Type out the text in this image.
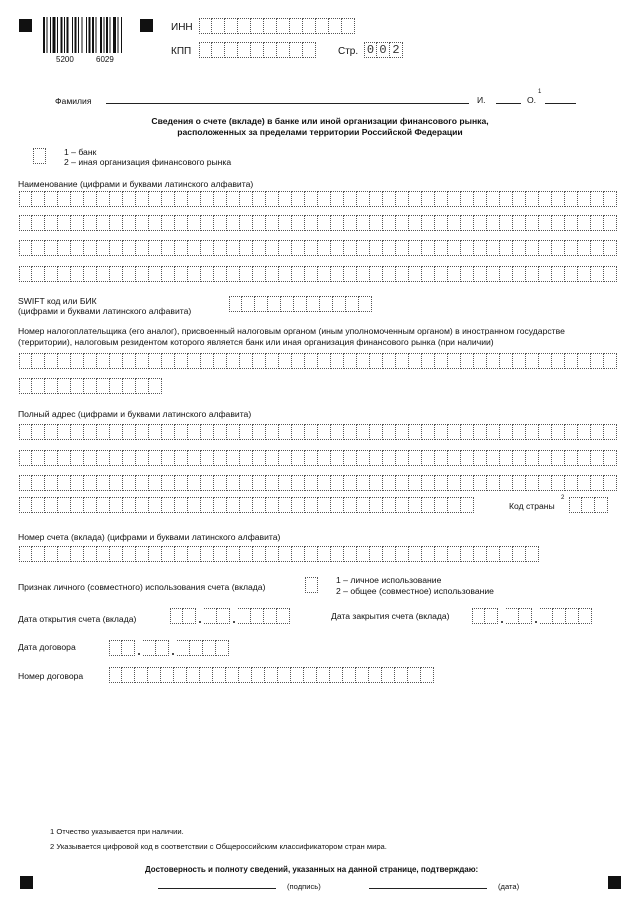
5200	6029
ИНН
КПП	Стр. 0 0 2
Фамилия	И.	О.
1
Сведения о счете (вкладе) в банке или иной организации финансового рынка,
расположенных за пределами территории Российской Федерации
1 – банк
2 – иная организация финансового рынка
Наименование (цифрами и буквами латинского алфавита)
SWIFT код или БИК
(цифрами и буквами латинского алфавита)
Номер налогоплательщика (его аналог), присвоенный налоговым органом (иным уполномоченным органом) в иностранном государстве
(территории), налоговым резидентом которого является банк или иная организация финансового рынка (при наличии)
Полный адрес (цифрами и буквами латинского алфавита)
Код страны
2
Номер счета (вклада) (цифрами и буквами латинского алфавита)
Признак личного (совместного) использования счета (вклада)
1 – личное использование
2 – общее (совместное) использование
Дата открытия счета (вклада)	Дата закрытия счета (вклада)
Дата договора
Номер договора
1 Отчество указывается при наличии.
2 Указывается цифровой код в соответствии с Общероссийским классификатором стран мира.
Достоверность и полноту сведений, указанных на данной странице, подтверждаю:
(подпись)	(дата)
